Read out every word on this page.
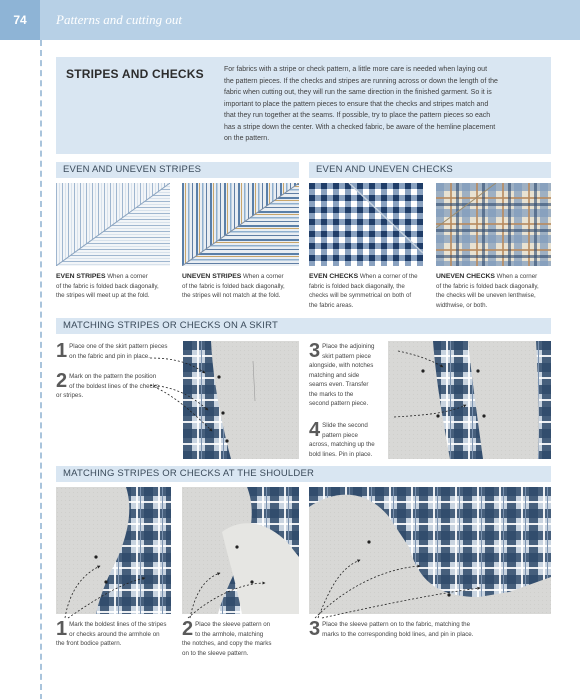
74	Patterns and cutting out
STRIPES AND CHECKS	For fabrics with a stripe or check pattern, a little more care is needed when laying out
the pattern pieces. If the checks and stripes are running across or down the length of the
fabric when cutting out, they will run the same direction in the finished garment. So it is
important to place the pattern pieces to ensure that the checks and stripes match and
that they run together at the seams. If possible, try to place the pattern pieces so each
has a stripe down the center. With a checked fabric, be aware of the hemline placement
on the pattern.
EVEN AND UNEVEN STRIPES	EVEN AND UNEVEN CHECKS
EVEN STRIPES When a corner
of the fabric is folded back diagonally,
the stripes will meet up at the fold.
UNEVEN STRIPES When a corner
of the fabric is folded back diagonally,
the stripes will not match at the fold.
EVEN CHECKS When a corner of the
fabric is folded back diagonally, the
checks will be symmetrical on both of
the fabric areas.
UNEVEN CHECKS When a corner
of the fabric is folded back diagonally,
the checks will be uneven lenthwise,
widthwise, or both.
MATCHING STRIPES OR CHECKS ON A SKIRT
1 Place one of the skirt pattern pieces
on the fabric and pin in place.
2 Mark on the pattern the position
of the boldest lines of the checks
or stripes.
3 Place the adjoining
skirt pattern piece
alongside, with notches
matching and side
seams even. Transfer
the marks to the
second pattern piece.
4 Slide the second
pattern piece
across, matching up the
bold lines. Pin in place.
MATCHING STRIPES OR CHECKS AT THE SHOULDER
1 Mark the boldest lines of the stripes
or checks around the armhole on
the front bodice pattern.
2 Place the sleeve pattern on
to the armhole, matching
the notches, and copy the marks
on to the sleeve pattern.
3 Place the sleeve pattern on to the fabric, matching the
marks to the corresponding bold lines, and pin in place.
